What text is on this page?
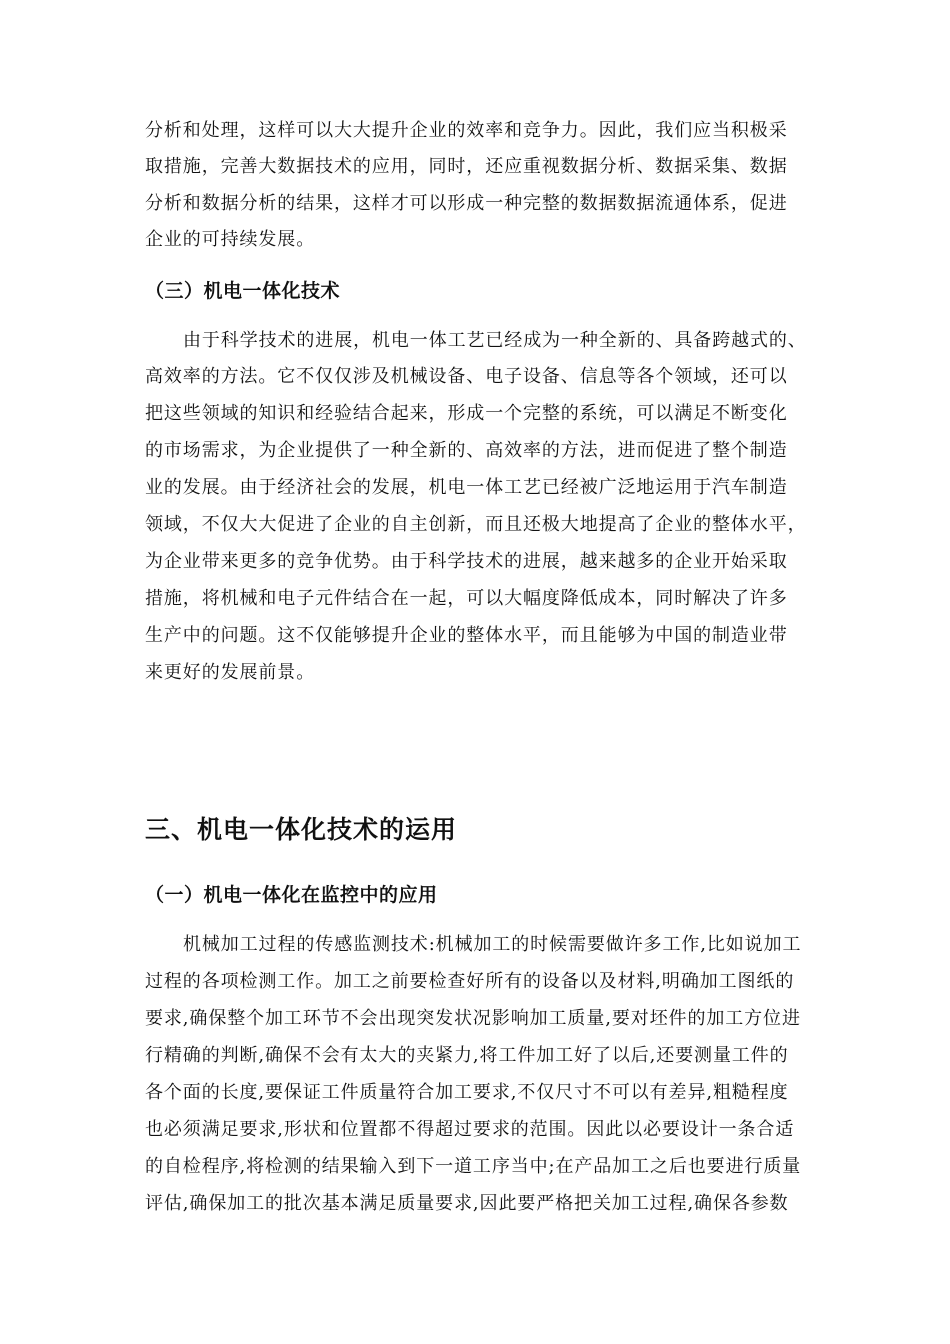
分析和处理，这样可以大大提升企业的效率和竞争力。因此，我们应当积极采
取措施，完善大数据技术的应用，同时，还应重视数据分析、数据采集、数据
分析和数据分析的结果，这样才可以形成一种完整的数据数据流通体系，促进
企业的可持续发展。
（三）机电一体化技术
由于科学技术的进展，机电一体工艺已经成为一种全新的、具备跨越式的、
高效率的方法。它不仅仅涉及机械设备、电子设备、信息等各个领域，还可以
把这些领域的知识和经验结合起来，形成一个完整的系统，可以满足不断变化
的市场需求，为企业提供了一种全新的、高效率的方法，进而促进了整个制造
业的发展。由于经济社会的发展，机电一体工艺已经被广泛地运用于汽车制造
领域，不仅大大促进了企业的自主创新，而且还极大地提高了企业的整体水平，
为企业带来更多的竞争优势。由于科学技术的进展，越来越多的企业开始采取
措施，将机械和电子元件结合在一起，可以大幅度降低成本，同时解决了许多
生产中的问题。这不仅能够提升企业的整体水平，而且能够为中国的制造业带
来更好的发展前景。
三、机电一体化技术的运用
（一）机电一体化在监控中的应用
机械加工过程的传感监测技术:机械加工的时候需要做许多工作,比如说加工
过程的各项检测工作。加工之前要检查好所有的设备以及材料,明确加工图纸的
要求,确保整个加工环节不会出现突发状况影响加工质量,要对坯件的加工方位进
行精确的判断,确保不会有太大的夹紧力,将工件加工好了以后,还要测量工件的
各个面的长度,要保证工件质量符合加工要求,不仅尺寸不可以有差异,粗糙程度
也必须满足要求,形状和位置都不得超过要求的范围。因此以必要设计一条合适
的自检程序,将检测的结果输入到下一道工序当中;在产品加工之后也要进行质量
评估,确保加工的批次基本满足质量要求,因此要严格把关加工过程,确保各参数
